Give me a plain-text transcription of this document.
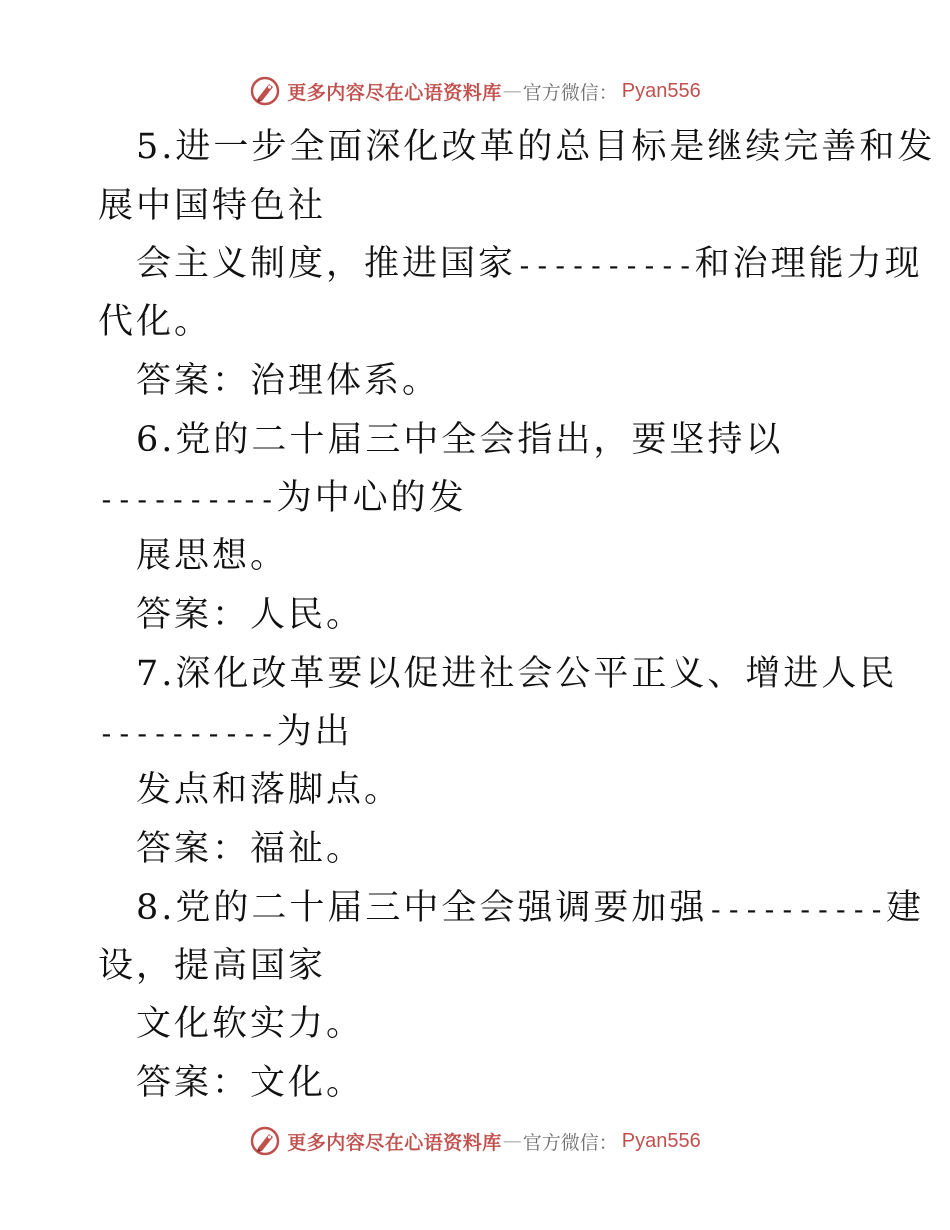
更多内容尽在心语资料库 — 官方微信： Pyan556
5.进一步全面深化改革的总目标是继续完善和发
展中国特色社
会主义制度，推进国家----------和治理能力现
代化。
答案：治理体系。
6.党的二十届三中全会指出，要坚持以
----------为中心的发
展思想。
答案：人民。
7.深化改革要以促进社会公平正义、增进人民
----------为出
发点和落脚点。
答案：福祉。
8.党的二十届三中全会强调要加强----------建
设，提高国家
文化软实力。
答案：文化。
更多内容尽在心语资料库 — 官方微信： Pyan556
